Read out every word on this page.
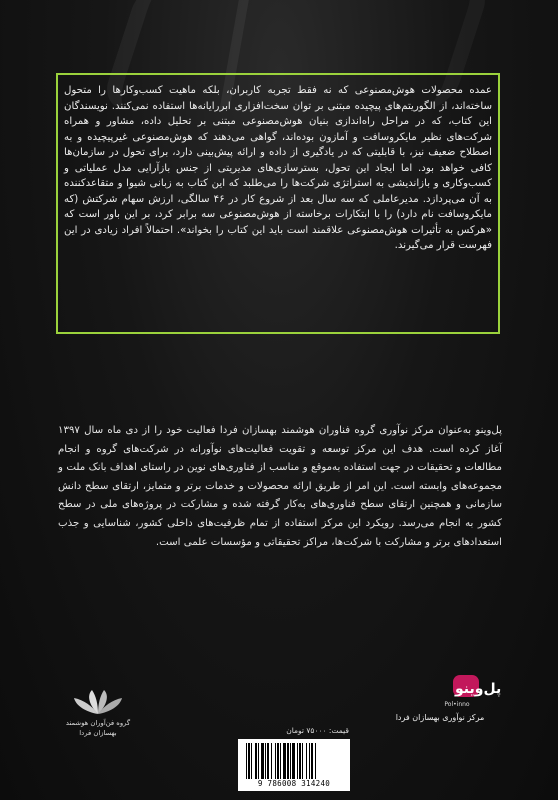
عمده محصولات هوش‌مصنوعی که نه فقط تجربه کاربران، بلکه ماهیت کسب‌وکارها را متحول ساخته‌اند، از الگوریتم‌های پیچیده مبتنی بر توان سخت‌افزاری ابررایانه‌ها استفاده نمی‌کنند. نویسندگان این کتاب، که در مراحل راه‌اندازی بنیان هوش‌مصنوعی مبتنی بر تحلیل داده، مشاور و همراه شرکت‌های نظیر مایکروسافت و آمازون بوده‌اند، گواهی می‌دهند که هوش‌مصنوعی غیرپیچیده و به اصطلاح ضعیف نیز، با قابلیتی که در یادگیری از داده و ارائه پیش‌بینی دارد، برای تحول در سازمان‌ها کافی خواهد بود. اما ایجاد این تحول، بسترسازی‌های مدیریتی از جنس بازآرایی مدل عملیاتی و کسب‌وکاری و بازاندیشی به استراتژی شرکت‌ها را می‌طلبد که این کتاب به زبانی شیوا و متقاعدکننده به آن می‌پردازد. مدیرعاملی که سه سال بعد از شروع کار در ۴۶ سالگی، ارزش سهام شرکتش (که مایکروسافت نام دارد) را با ابتکارات برخاسته از هوش‌مصنوعی سه برابر کرد، بر این باور است که «هرکس به تأثیرات هوش‌مصنوعی علاقمند است باید این کتاب را بخواند». احتمالاً افراد زیادی در این فهرست قرار می‌گیرند.

پل‌وینو به‌عنوان مرکز نوآوری گروه فناوران هوشمند بهسازان فردا فعالیت خود را از دی ماه سال ۱۳۹۷ آغاز کرده است. هدف این مرکز توسعه و تقویت فعالیت‌های نوآورانه در شرکت‌های گروه و انجام مطالعات و تحقیقات در جهت استفاده به‌موقع و مناسب از فناوری‌های نوین در راستای اهداف بانک ملت و مجموعه‌های وابسته است. این امر از طریق ارائه محصولات و خدمات برتر و متمایز، ارتقای سطح دانش سازمانی و همچنین ارتقای سطح فناوری‌های به‌کار گرفته شده و مشارکت در پروژه‌های ملی در سطح کشور به انجام می‌رسد. رویکرد این مرکز استفاده از تمام ظرفیت‌های داخلی کشور، شناسایی و جذب استعدادهای برتر و مشارکت با شرکت‌ها، مراکز تحقیقاتی و مؤسسات علمی است.

گروه فن‌آوران هوشمند
بهسازان فردا
پل‌وینو
Pol•inno
مرکز نوآوری بهسازان فردا
قیمت: ۷۵۰۰۰ تومان
9 786008 314240
